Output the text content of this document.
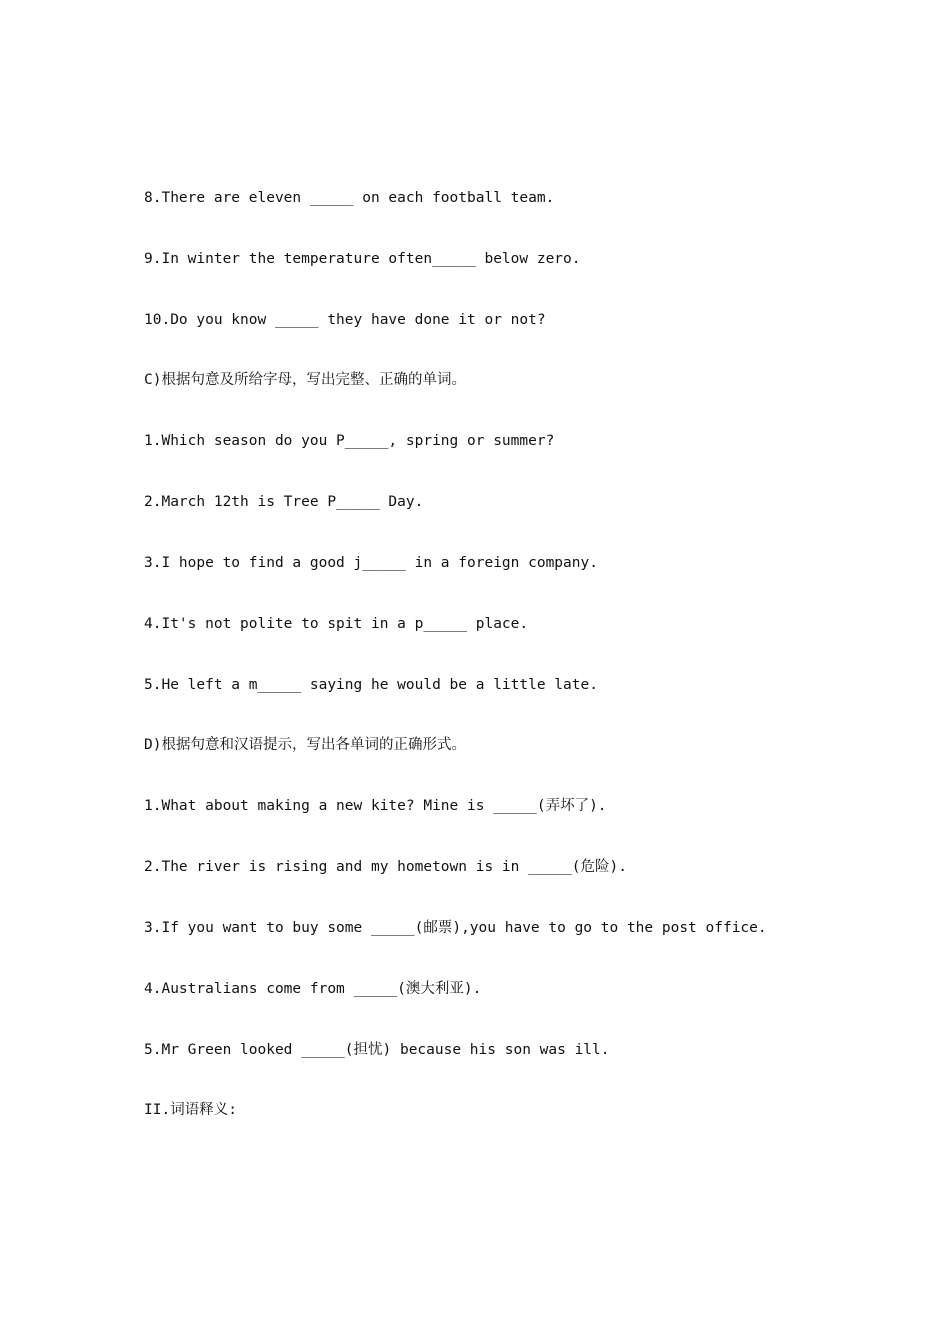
8.There are eleven _____ on each football team.
9.In winter the temperature often_____ below zero.
10.Do you know _____ they have done it or not?
C)根据句意及所给字母，写出完整、正确的单词。
1.Which season do you P_____, spring or summer?
2.March 12th is Tree P_____ Day.
3.I hope to find a good j_____ in a foreign company.
4.It's not polite to spit in a p_____ place.
5.He left a m_____ saying he would be a little late.
D)根据句意和汉语提示，写出各单词的正确形式。
1.What about making a new kite? Mine is _____(弄坏了).
2.The river is rising and my hometown is in _____(危险).
3.If you want to buy some _____(邮票),you have to go to the post office.
4.Australians come from _____(澳大利亚).
5.Mr Green looked _____(担忧) because his son was ill.
II.词语释义:
